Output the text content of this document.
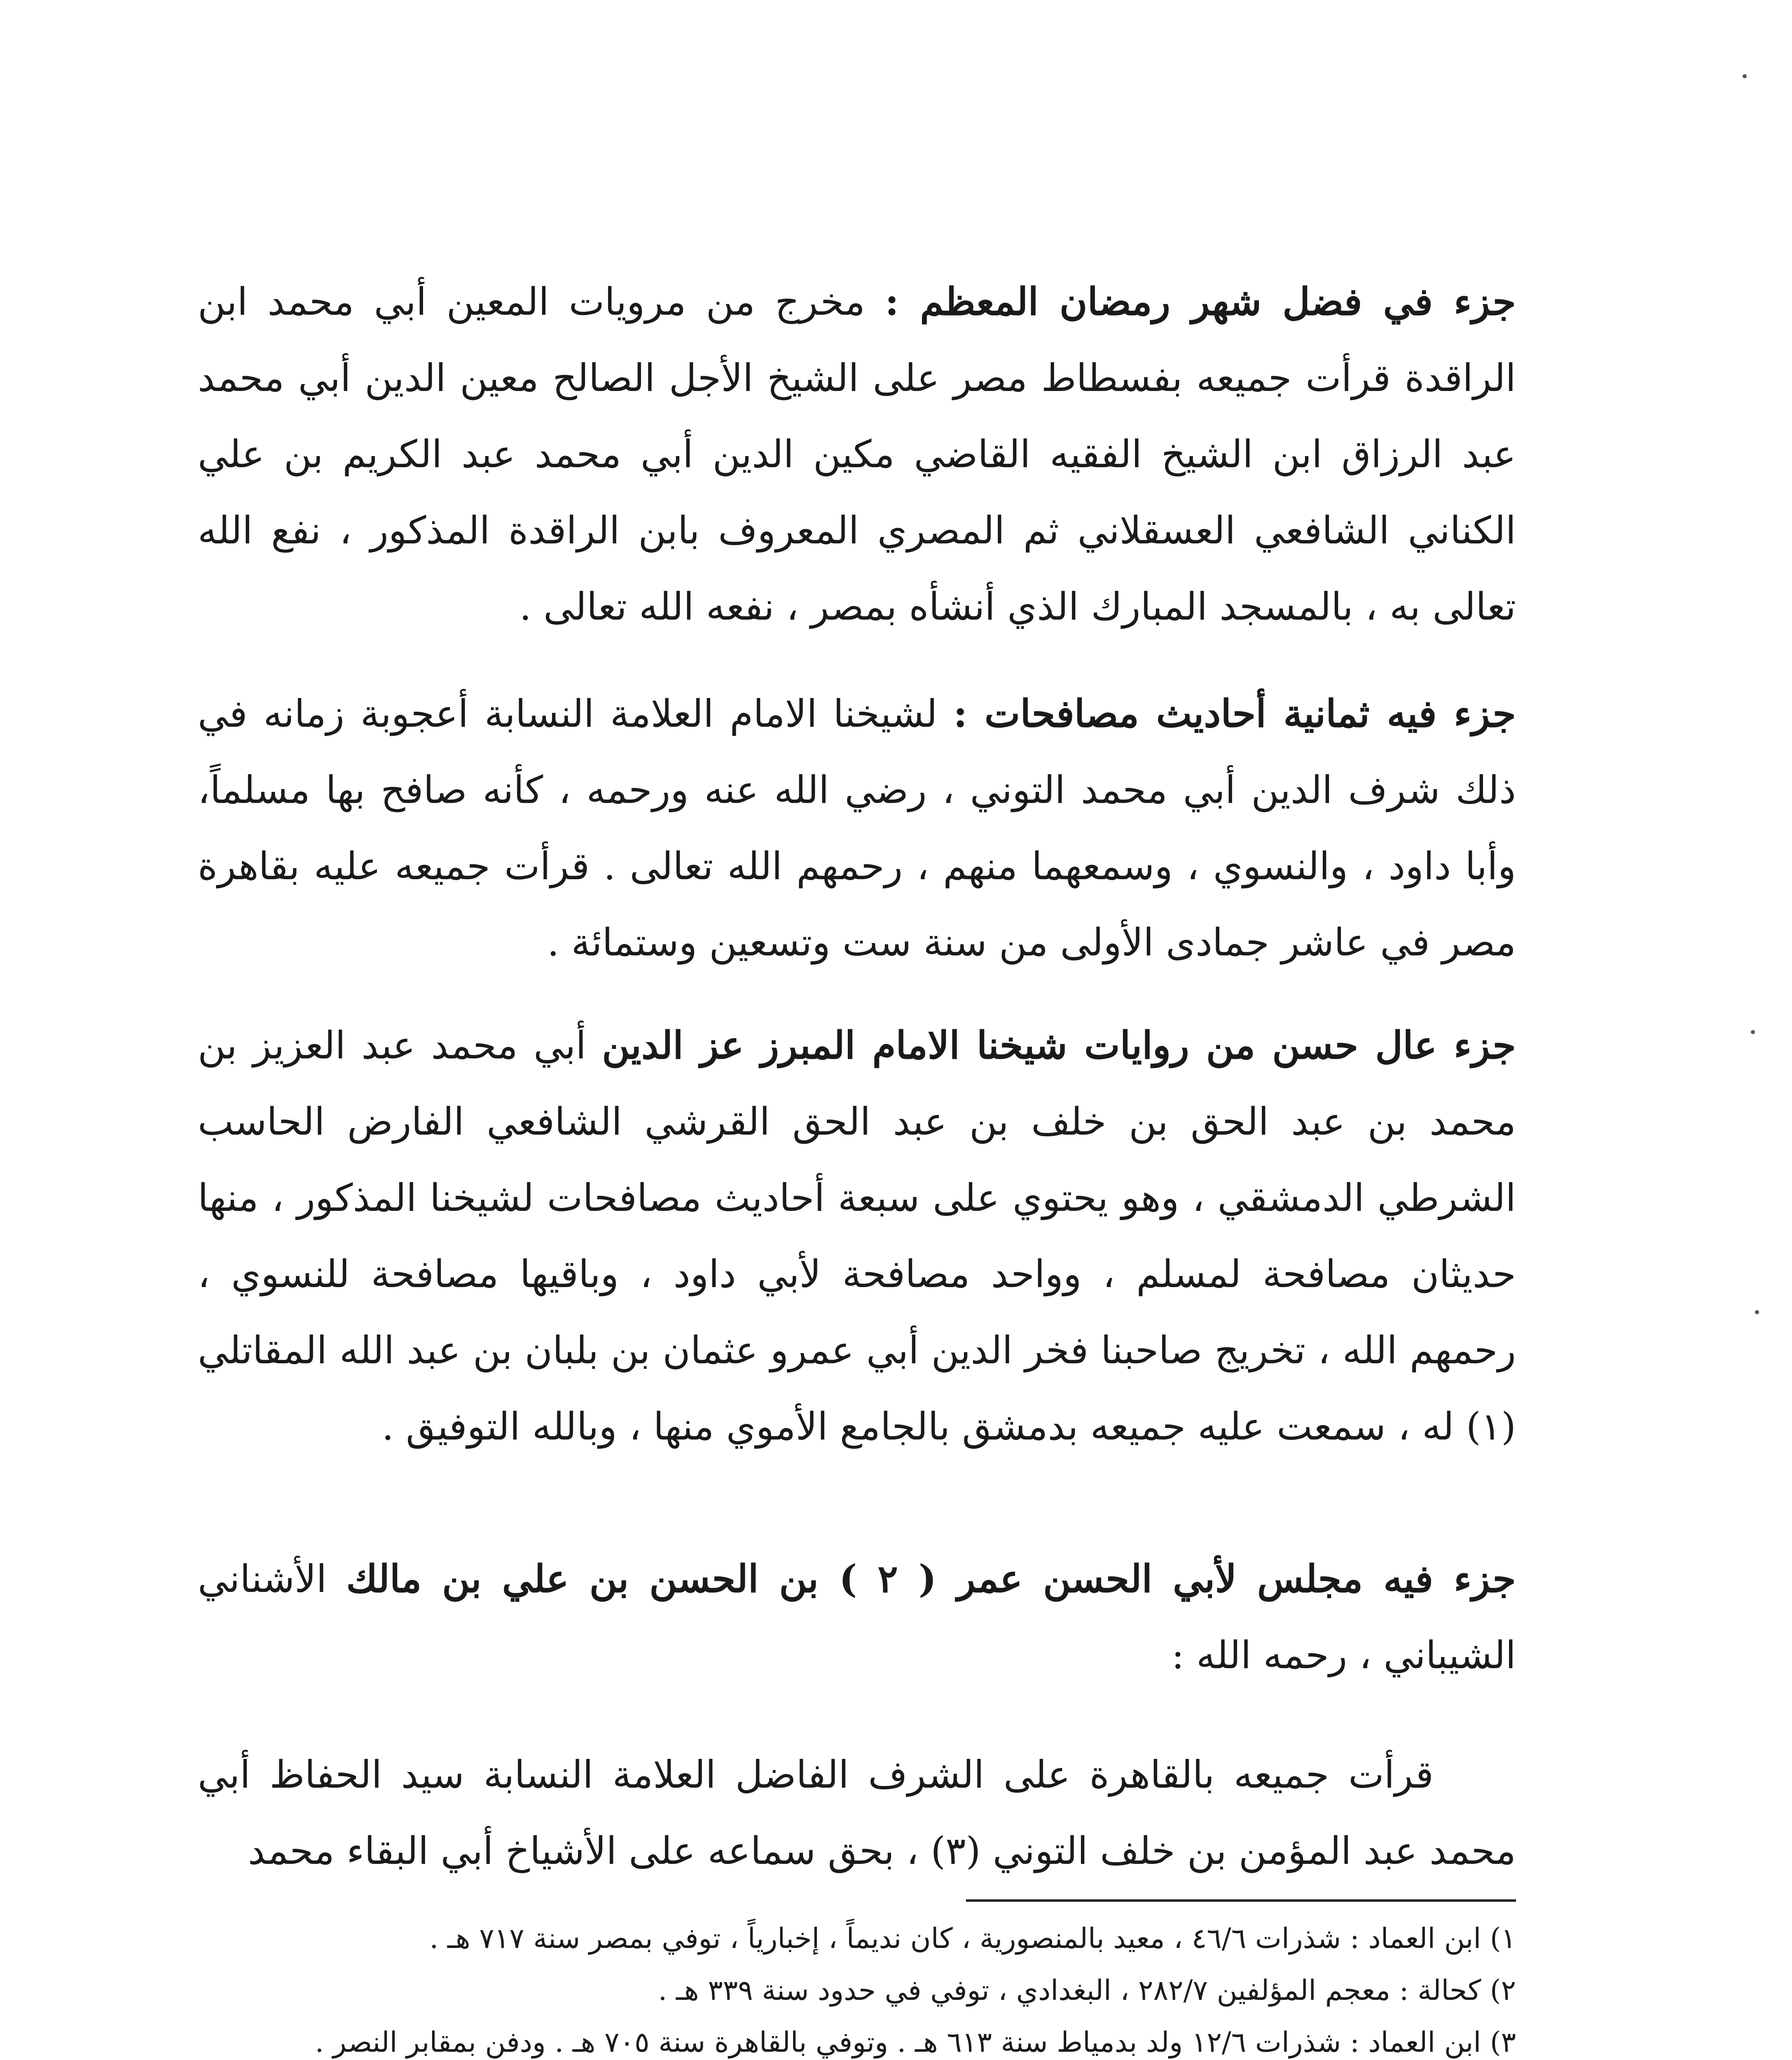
جزء في فضل شهر رمضان المعظم : مخرج من مرويات المعين أبي محمد ابن الراقدة قرأت جميعه بفسطاط مصر على الشيخ الأجل الصالح معين الدين أبي محمد عبد الرزاق ابن الشيخ الفقيه القاضي مكين الدين أبي محمد عبد الكريم بن علي الكناني الشافعي العسقلاني ثم المصري المعروف بابن الراقدة المذكور ، نفع الله تعالى به ، بالمسجد المبارك الذي أنشأه بمصر ، نفعه الله تعالى .

جزء فيه ثمانية أحاديث مصافحات : لشيخنا الامام العلامة النسابة أعجوبة زمانه في ذلك شرف الدين أبي محمد التوني ، رضي الله عنه ورحمه ، كأنه صافح بها مسلماً، وأبا داود ، والنسوي ، وسمعهما منهم ، رحمهم الله تعالى . قرأت جميعه عليه بقاهرة مصر في عاشر جمادى الأولى من سنة ست وتسعين وستمائة .

جزء عال حسن من روايات شيخنا الامام المبرز عز الدين أبي محمد عبد العزيز بن محمد بن عبد الحق بن خلف بن عبد الحق القرشي الشافعي الفارض الحاسب الشرطي الدمشقي ، وهو يحتوي على سبعة أحاديث مصافحات لشيخنا المذكور ، منها حديثان مصافحة لمسلم ، وواحد مصافحة لأبي داود ، وباقيها مصافحة للنسوي ، رحمهم الله ، تخريج صاحبنا فخر الدين أبي عمرو عثمان بن بلبان بن عبد الله المقاتلي (١) له ، سمعت عليه جميعه بدمشق بالجامع الأموي منها ، وبالله التوفيق .

جزء فيه مجلس لأبي الحسن عمر ( ٢ ) بن الحسن بن علي بن مالك الأشناني الشيباني ، رحمه الله :

قرأت جميعه بالقاهرة على الشرف الفاضل العلامة النسابة سيد الحفاظ أبي محمد عبد المؤمن بن خلف التوني (٣) ، بحق سماعه على الأشياخ أبي البقاء محمد

١) ابن العماد : شذرات ٤٦/٦ ، معيد بالمنصورية ، كان نديماً ، إخبارياً ، توفي بمصر سنة ٧١٧ هـ .

٢) كحالة : معجم المؤلفين ٢٨٢/٧ ، البغدادي ، توفي في حدود سنة ٣٣٩ هـ .

٣) ابن العماد : شذرات ١٢/٦ ولد بدمياط سنة ٦١٣ هـ . وتوفي بالقاهرة سنة ٧٠٥ هـ . ودفن بمقابر النصر .
